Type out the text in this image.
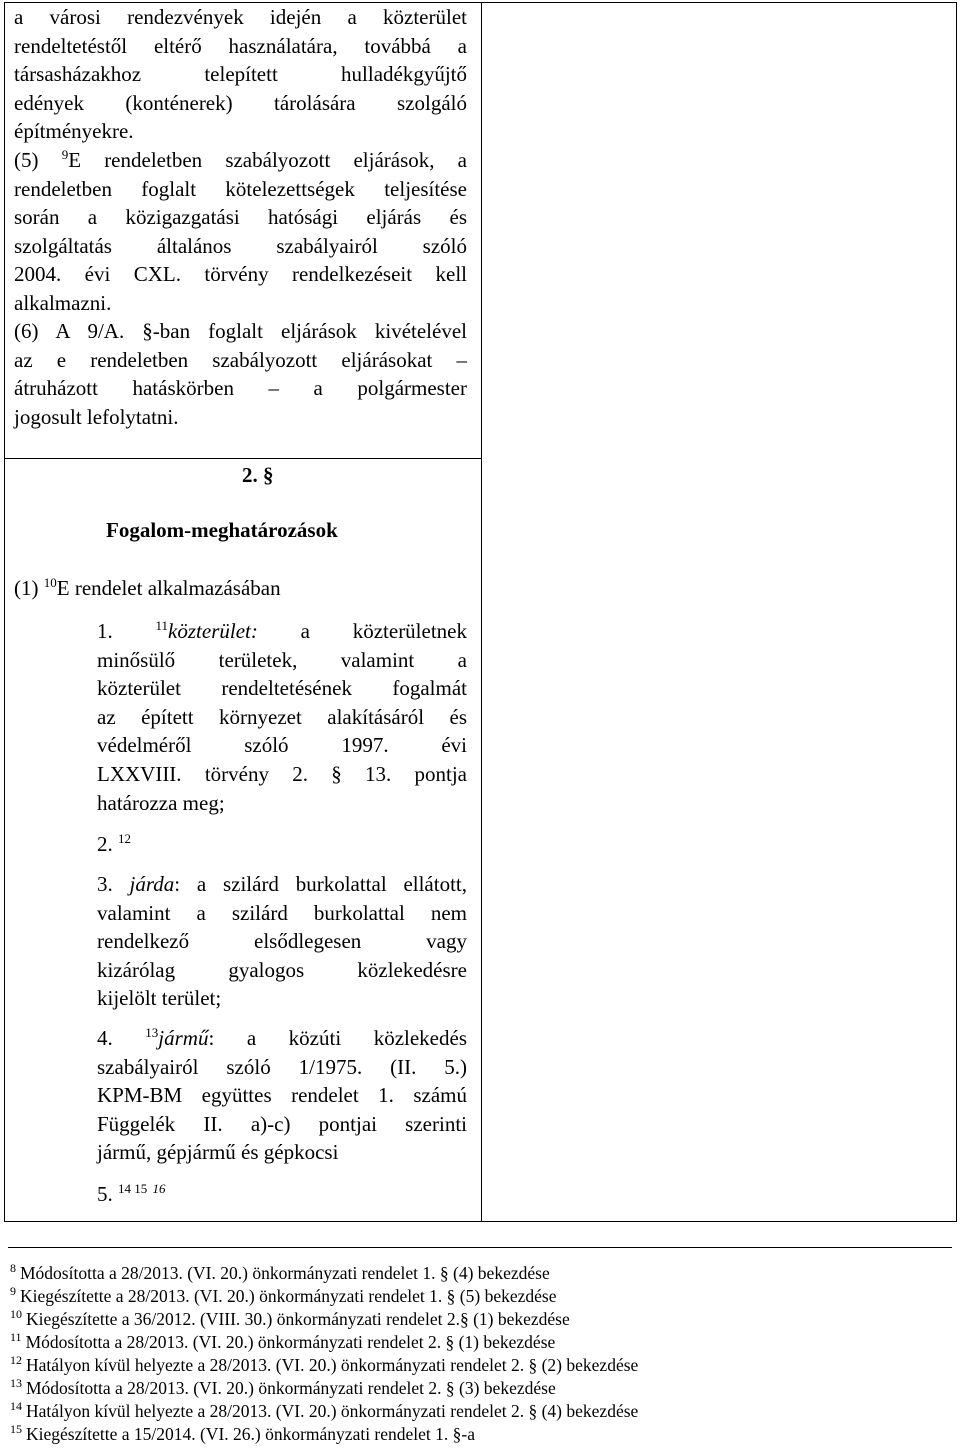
a városi rendezvények idején a közterület
rendeltetéstől eltérő használatára, továbbá a
társasházakhoz telepített hulladékgyűjtő
edények (konténerek) tárolására szolgáló
építményekre.
(5) $^9$E rendeletben szabályozott eljárások, a
rendeletben foglalt kötelezettségek teljesítése
során a közigazgatási hatósági eljárás és
szolgáltatás általános szabályairól szóló
2004. évi CXL. törvény rendelkezéseit kell
alkalmazni.
(6) A 9/A. §-ban foglalt eljárások kivételével
az e rendeletben szabályozott eljárásokat –
átruházott hatáskörben – a polgármester
jogosult lefolytatni.
2. §
Fogalom-meghatározások
(1) $^{10}$E rendelet alkalmazásában
1.	$^{11}$közterület: a közterületnek
minősülő területek, valamint a
közterület rendeltetésének fogalmát
az épített környezet alakításáról és
védelméről szóló 1997. évi
LXXVIII. törvény 2. § 13. pontja
határozza meg;
2. $^{12}$
3. járda: a szilárd burkolattal ellátott,
valamint a szilárd burkolattal nem
rendelkező elsődlegesen vagy
kizárólag gyalogos közlekedésre
kijelölt terület;
4.	$^{13}$jármű: a közúti közlekedés
szabályairól szóló 1/1975. (II. 5.)
KPM-BM együttes rendelet 1. számú
Függelék II. a)-c) pontjai szerinti
jármű, gépjármű és gépkocsi
5. $^{14 15}$ $^{16}$
$^8$ Módosította a 28/2013. (VI. 20.) önkormányzati rendelet 1. § (4) bekezdése
$^9$ Kiegészítette a 28/2013. (VI. 20.) önkormányzati rendelet 1. § (5) bekezdése
$^{10}$ Kiegészítette a 36/2012. (VIII. 30.) önkormányzati rendelet 2.§ (1) bekezdése
$^{11}$ Módosította a 28/2013. (VI. 20.) önkormányzati rendelet 2. § (1) bekezdése
$^{12}$ Hatályon kívül helyezte a 28/2013. (VI. 20.) önkormányzati rendelet 2. § (2) bekezdése
$^{13}$ Módosította a 28/2013. (VI. 20.) önkormányzati rendelet 2. § (3) bekezdése
$^{14}$ Hatályon kívül helyezte a 28/2013. (VI. 20.) önkormányzati rendelet 2. § (4) bekezdése
$^{15}$ Kiegészítette a 15/2014. (VI. 26.) önkormányzati rendelet 1. §-a
